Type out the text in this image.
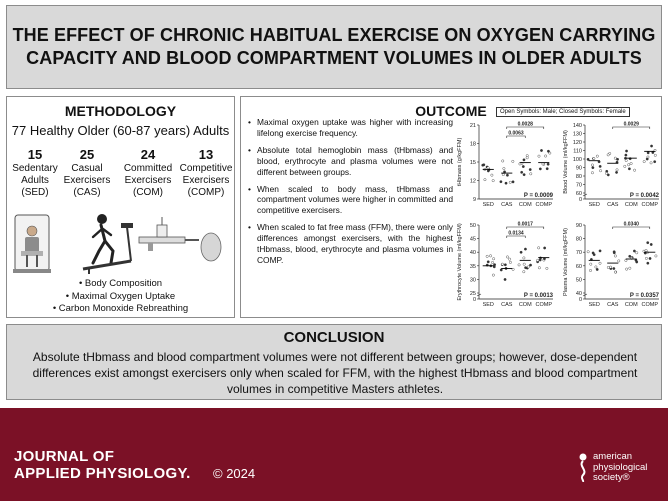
THE EFFECT OF CHRONIC HABITUAL EXERCISE ON OXYGEN CARRYING CAPACITY AND BLOOD COMPARTMENT VOLUMES IN OLDER ADULTS
METHODOLOGY
77 Healthy Older (60-87 years) Adults
15
Sedentary
Adults
(SED)
25
Casual
Exercisers
(CAS)
24
Committed
Exercisers
(COM)
13
Competitive
Exercisers
(COMP)
• Body Composition
• Maximal Oxygen Uptake
• Carbon Monoxide Rebreathing
OUTCOME	Open Symbols: Male; Closed Symbols: Female
• Maximal oxygen uptake was higher with increasing lifelong exercise frequency.
• Absolute total hemoglobin mass (tHbmass) and blood, erythrocyte and plasma volumes were not different between groups.
• When scaled to body mass, tHbmass and compartment volumes were higher in committed and competitive exercisers.
• When scaled to fat free mass (FFM), there were only differences amongst exercisers, with the highest tHbmass, blood, erythrocyte and plasma volumes in COMP.
9
12
15
18
21
tHbmass (g/kgFFM)
SED CAS COM COMP
0.0028
0.0063
P = 0.0009
0
60
70
80
90
100
110
120
130
140
Blood Volume (ml/kgFFM)
SED CAS COM COMP
0.0029
P = 0.0042
0
25
30
35
40
45
50
Erythrocyte Volume (ml/kgFFM)
SED CAS COM COMP
0.0017
0.0134
P = 0.0013
0
40
50
60
70
80
90
Plasma Volume (ml/kgFFM)
SED CAS COM COMP
0.0340
P = 0.0357
CONCLUSION
Absolute tHbmass and blood compartment volumes were not different between groups; however, dose-dependent differences exist amongst exercisers only when scaled for FFM, with the highest tHbmass and blood compartment volumes in competitive Masters athletes.
JOURNAL OF
APPLIED PHYSIOLOGY. © 2024
american
physiological
society®
